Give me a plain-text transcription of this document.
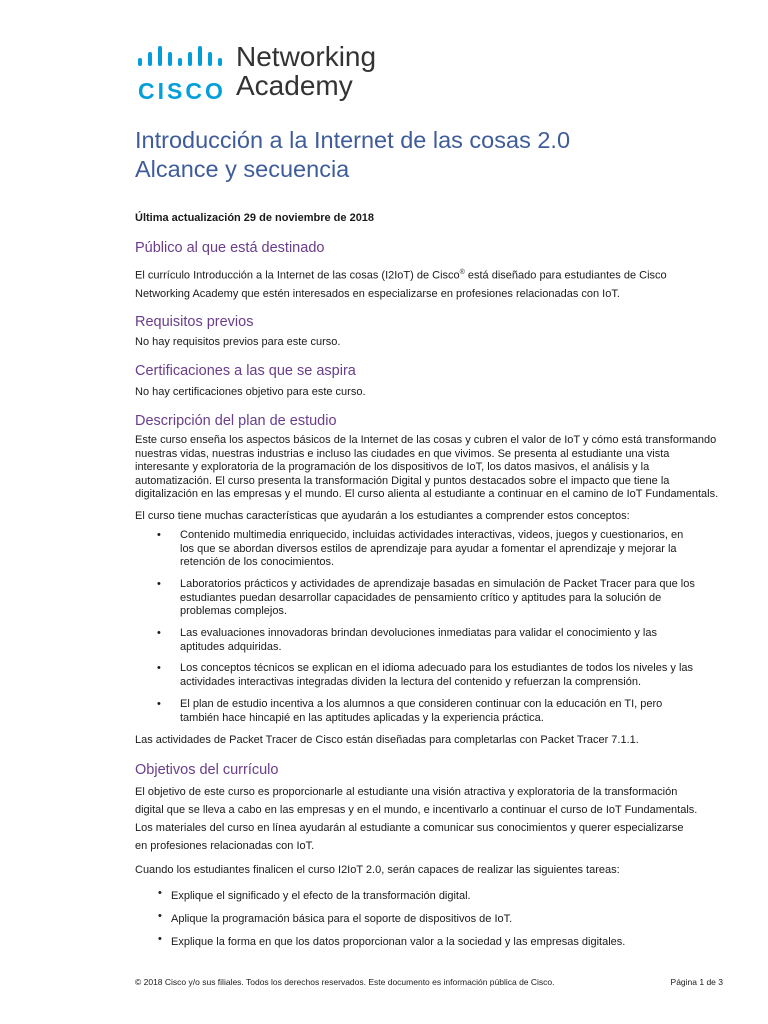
CISCO
Networking
Academy
Introducción a la Internet de las cosas 2.0
Alcance y secuencia
Última actualización 29 de noviembre de 2018
Público al que está destinado
El currículo Introducción a la Internet de las cosas (I2IoT) de Cisco® está diseñado para estudiantes de Cisco
Networking Academy que estén interesados en especializarse en profesiones relacionadas con IoT.
Requisitos previos
No hay requisitos previos para este curso.
Certificaciones a las que se aspira
No hay certificaciones objetivo para este curso.
Descripción del plan de estudio
Este curso enseña los aspectos básicos de la Internet de las cosas y cubren el valor de IoT y cómo está transformando
nuestras vidas, nuestras industrias e incluso las ciudades en que vivimos. Se presenta al estudiante una vista
interesante y exploratoria de la programación de los dispositivos de IoT, los datos masivos, el análisis y la
automatización. El curso presenta la transformación Digital y puntos destacados sobre el impacto que tiene la
digitalización en las empresas y el mundo. El curso alienta al estudiante a continuar en el camino de IoT Fundamentals.
El curso tiene muchas características que ayudarán a los estudiantes a comprender estos conceptos:
• Contenido multimedia enriquecido, incluidas actividades interactivas, videos, juegos y cuestionarios, en
los que se abordan diversos estilos de aprendizaje para ayudar a fomentar el aprendizaje y mejorar la
retención de los conocimientos.
• Laboratorios prácticos y actividades de aprendizaje basadas en simulación de Packet Tracer para que los
estudiantes puedan desarrollar capacidades de pensamiento crítico y aptitudes para la solución de
problemas complejos.
• Las evaluaciones innovadoras brindan devoluciones inmediatas para validar el conocimiento y las
aptitudes adquiridas.
• Los conceptos técnicos se explican en el idioma adecuado para los estudiantes de todos los niveles y las
actividades interactivas integradas dividen la lectura del contenido y refuerzan la comprensión.
• El plan de estudio incentiva a los alumnos a que consideren continuar con la educación en TI, pero
también hace hincapié en las aptitudes aplicadas y la experiencia práctica.
Las actividades de Packet Tracer de Cisco están diseñadas para completarlas con Packet Tracer 7.1.1.
Objetivos del currículo
El objetivo de este curso es proporcionarle al estudiante una visión atractiva y exploratoria de la transformación
digital que se lleva a cabo en las empresas y en el mundo, e incentivarlo a continuar el curso de IoT Fundamentals.
Los materiales del curso en línea ayudarán al estudiante a comunicar sus conocimientos y querer especializarse
en profesiones relacionadas con IoT.
Cuando los estudiantes finalicen el curso I2IoT 2.0, serán capaces de realizar las siguientes tareas:
• Explique el significado y el efecto de la transformación digital.
• Aplique la programación básica para el soporte de dispositivos de IoT.
• Explique la forma en que los datos proporcionan valor a la sociedad y las empresas digitales.
© 2018 Cisco y/o sus filiales. Todos los derechos reservados. Este documento es información pública de Cisco.	Página 1 de 3
